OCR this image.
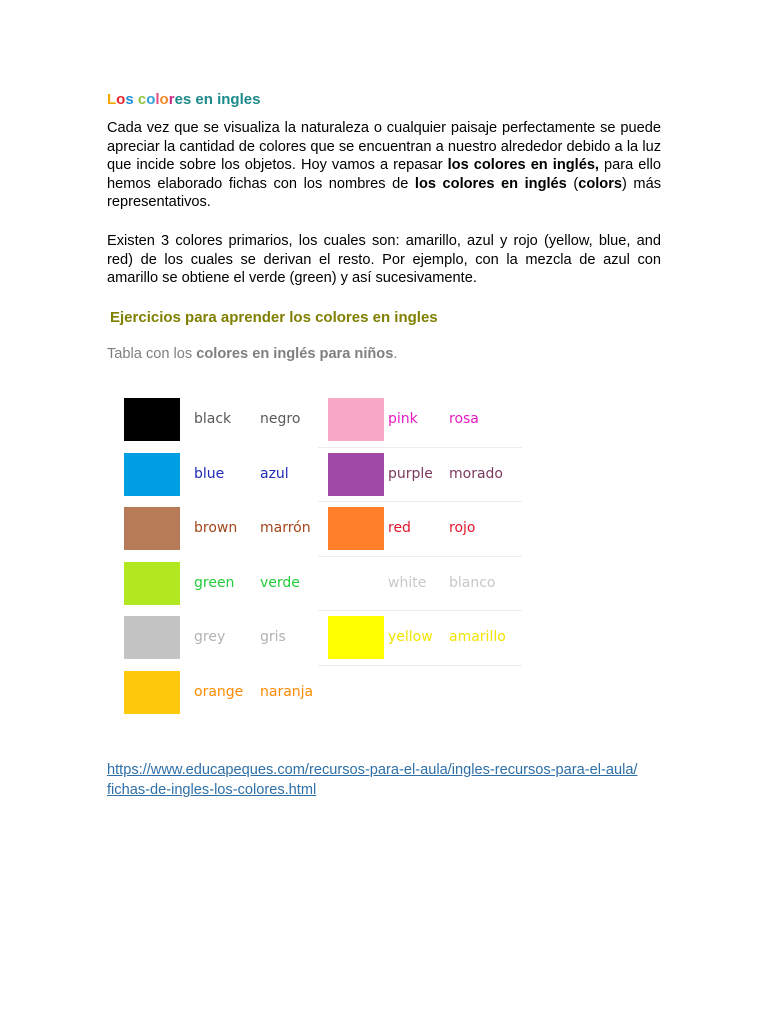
Los colores en ingles
Cada vez que se visualiza la naturaleza o cualquier paisaje perfectamente se puede apreciar la cantidad de colores que se encuentran a nuestro alrededor debido a la luz que incide sobre los objetos. Hoy vamos a repasar los colores en inglés, para ello hemos elaborado fichas con los nombres de los colores en inglés (colors) más representativos.
Existen 3 colores primarios, los cuales son: amarillo, azul y rojo (yellow, blue, and red) de los cuales se derivan el resto. Por ejemplo, con la mezcla de azul con amarillo se obtiene el verde (green) y así sucesivamente.
Ejercicios para aprender los colores en ingles
Tabla con los colores en inglés para niños.
https://www.educapeques.com/recursos-para-el-aula/ingles-recursos-para-el-aula/
fichas-de-ingles-los-colores.html
black negro	pink rosa
blue	azul	purple morado
brown marrón	red	rojo
green verde	white blanco
grey gris	yellow amarillo
orange naranja
